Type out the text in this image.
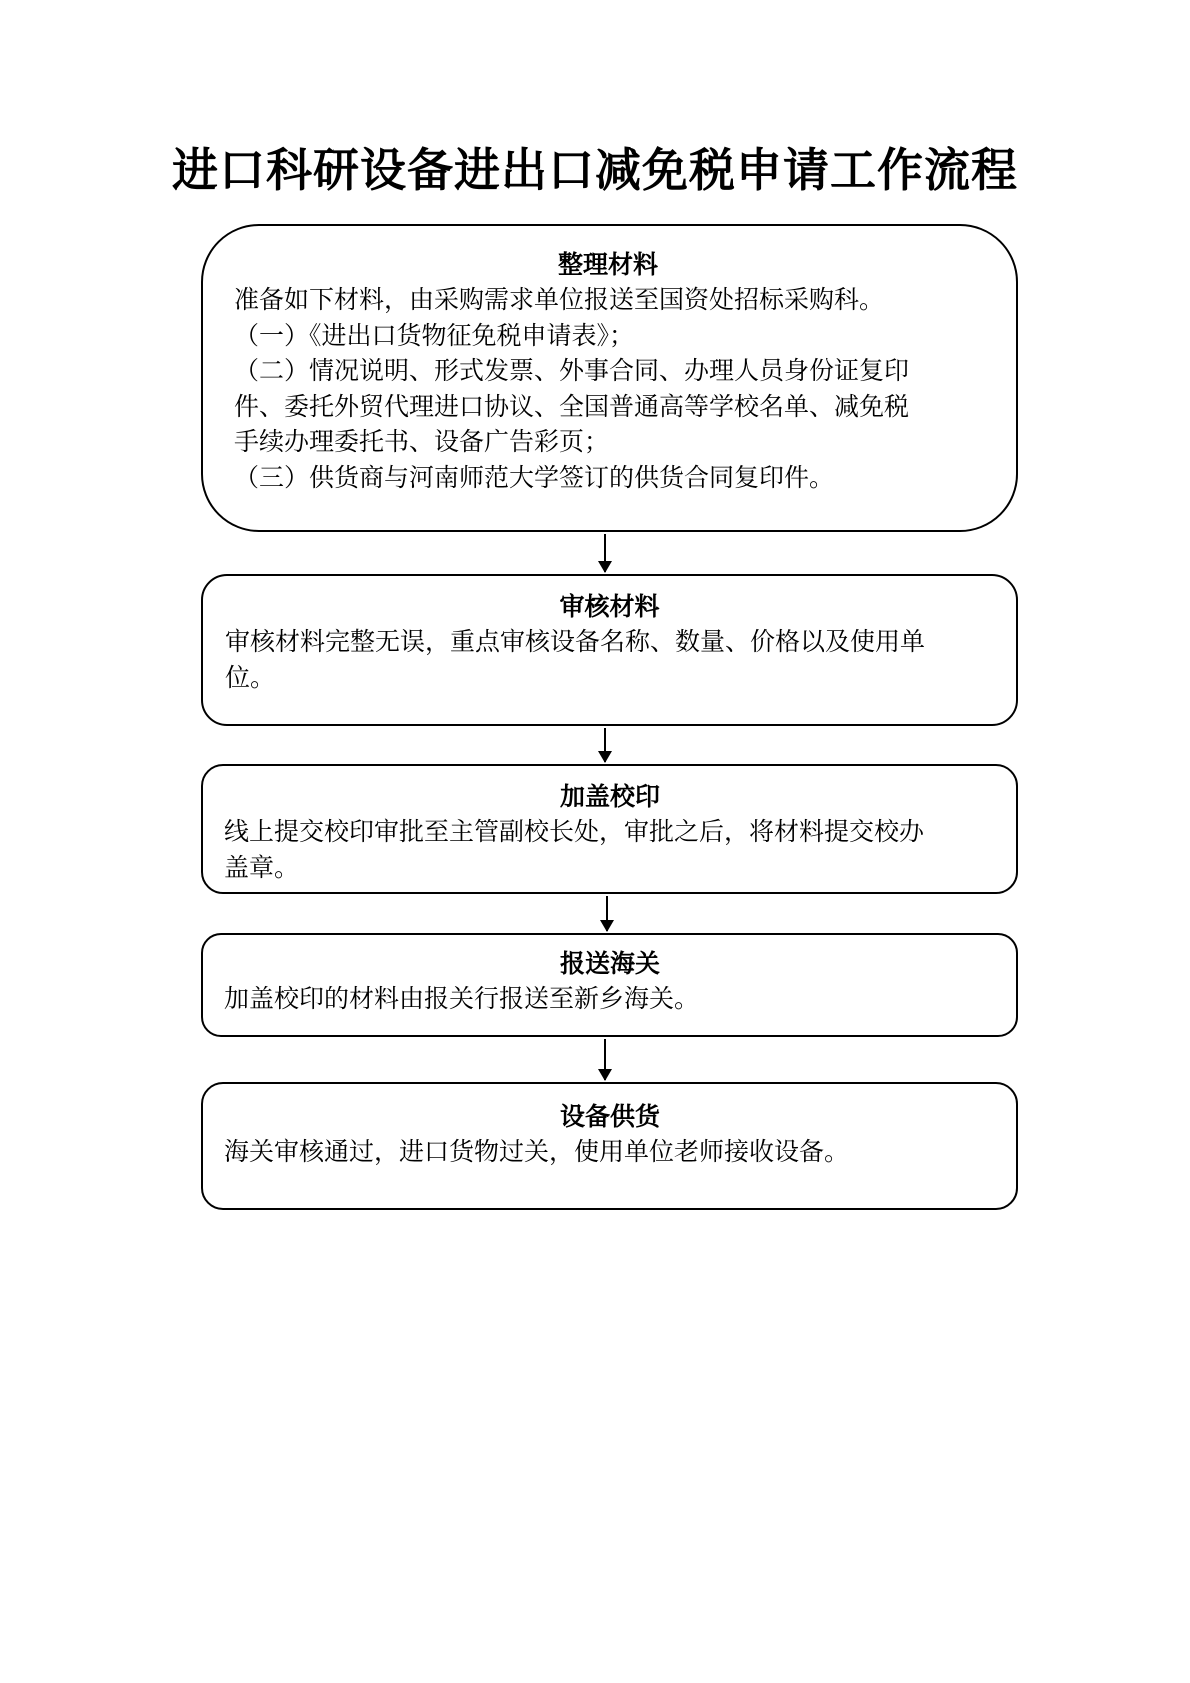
进口科研设备进出口减免税申请工作流程

整理材料

准备如下材料，由采购需求单位报送至国资处招标采购科。

（一）《进出口货物征免税申请表》；

（二）情况说明、形式发票、外事合同、办理人员身份证复印

件、委托外贸代理进口协议、全国普通高等学校名单、减免税

手续办理委托书、设备广告彩页；

（三）供货商与河南师范大学签订的供货合同复印件。

审核材料

审核材料完整无误，重点审核设备名称、数量、价格以及使用单

位。

加盖校印

线上提交校印审批至主管副校长处，审批之后，将材料提交校办

盖章。

报送海关

加盖校印的材料由报关行报送至新乡海关。

设备供货

海关审核通过，进口货物过关，使用单位老师接收设备。
